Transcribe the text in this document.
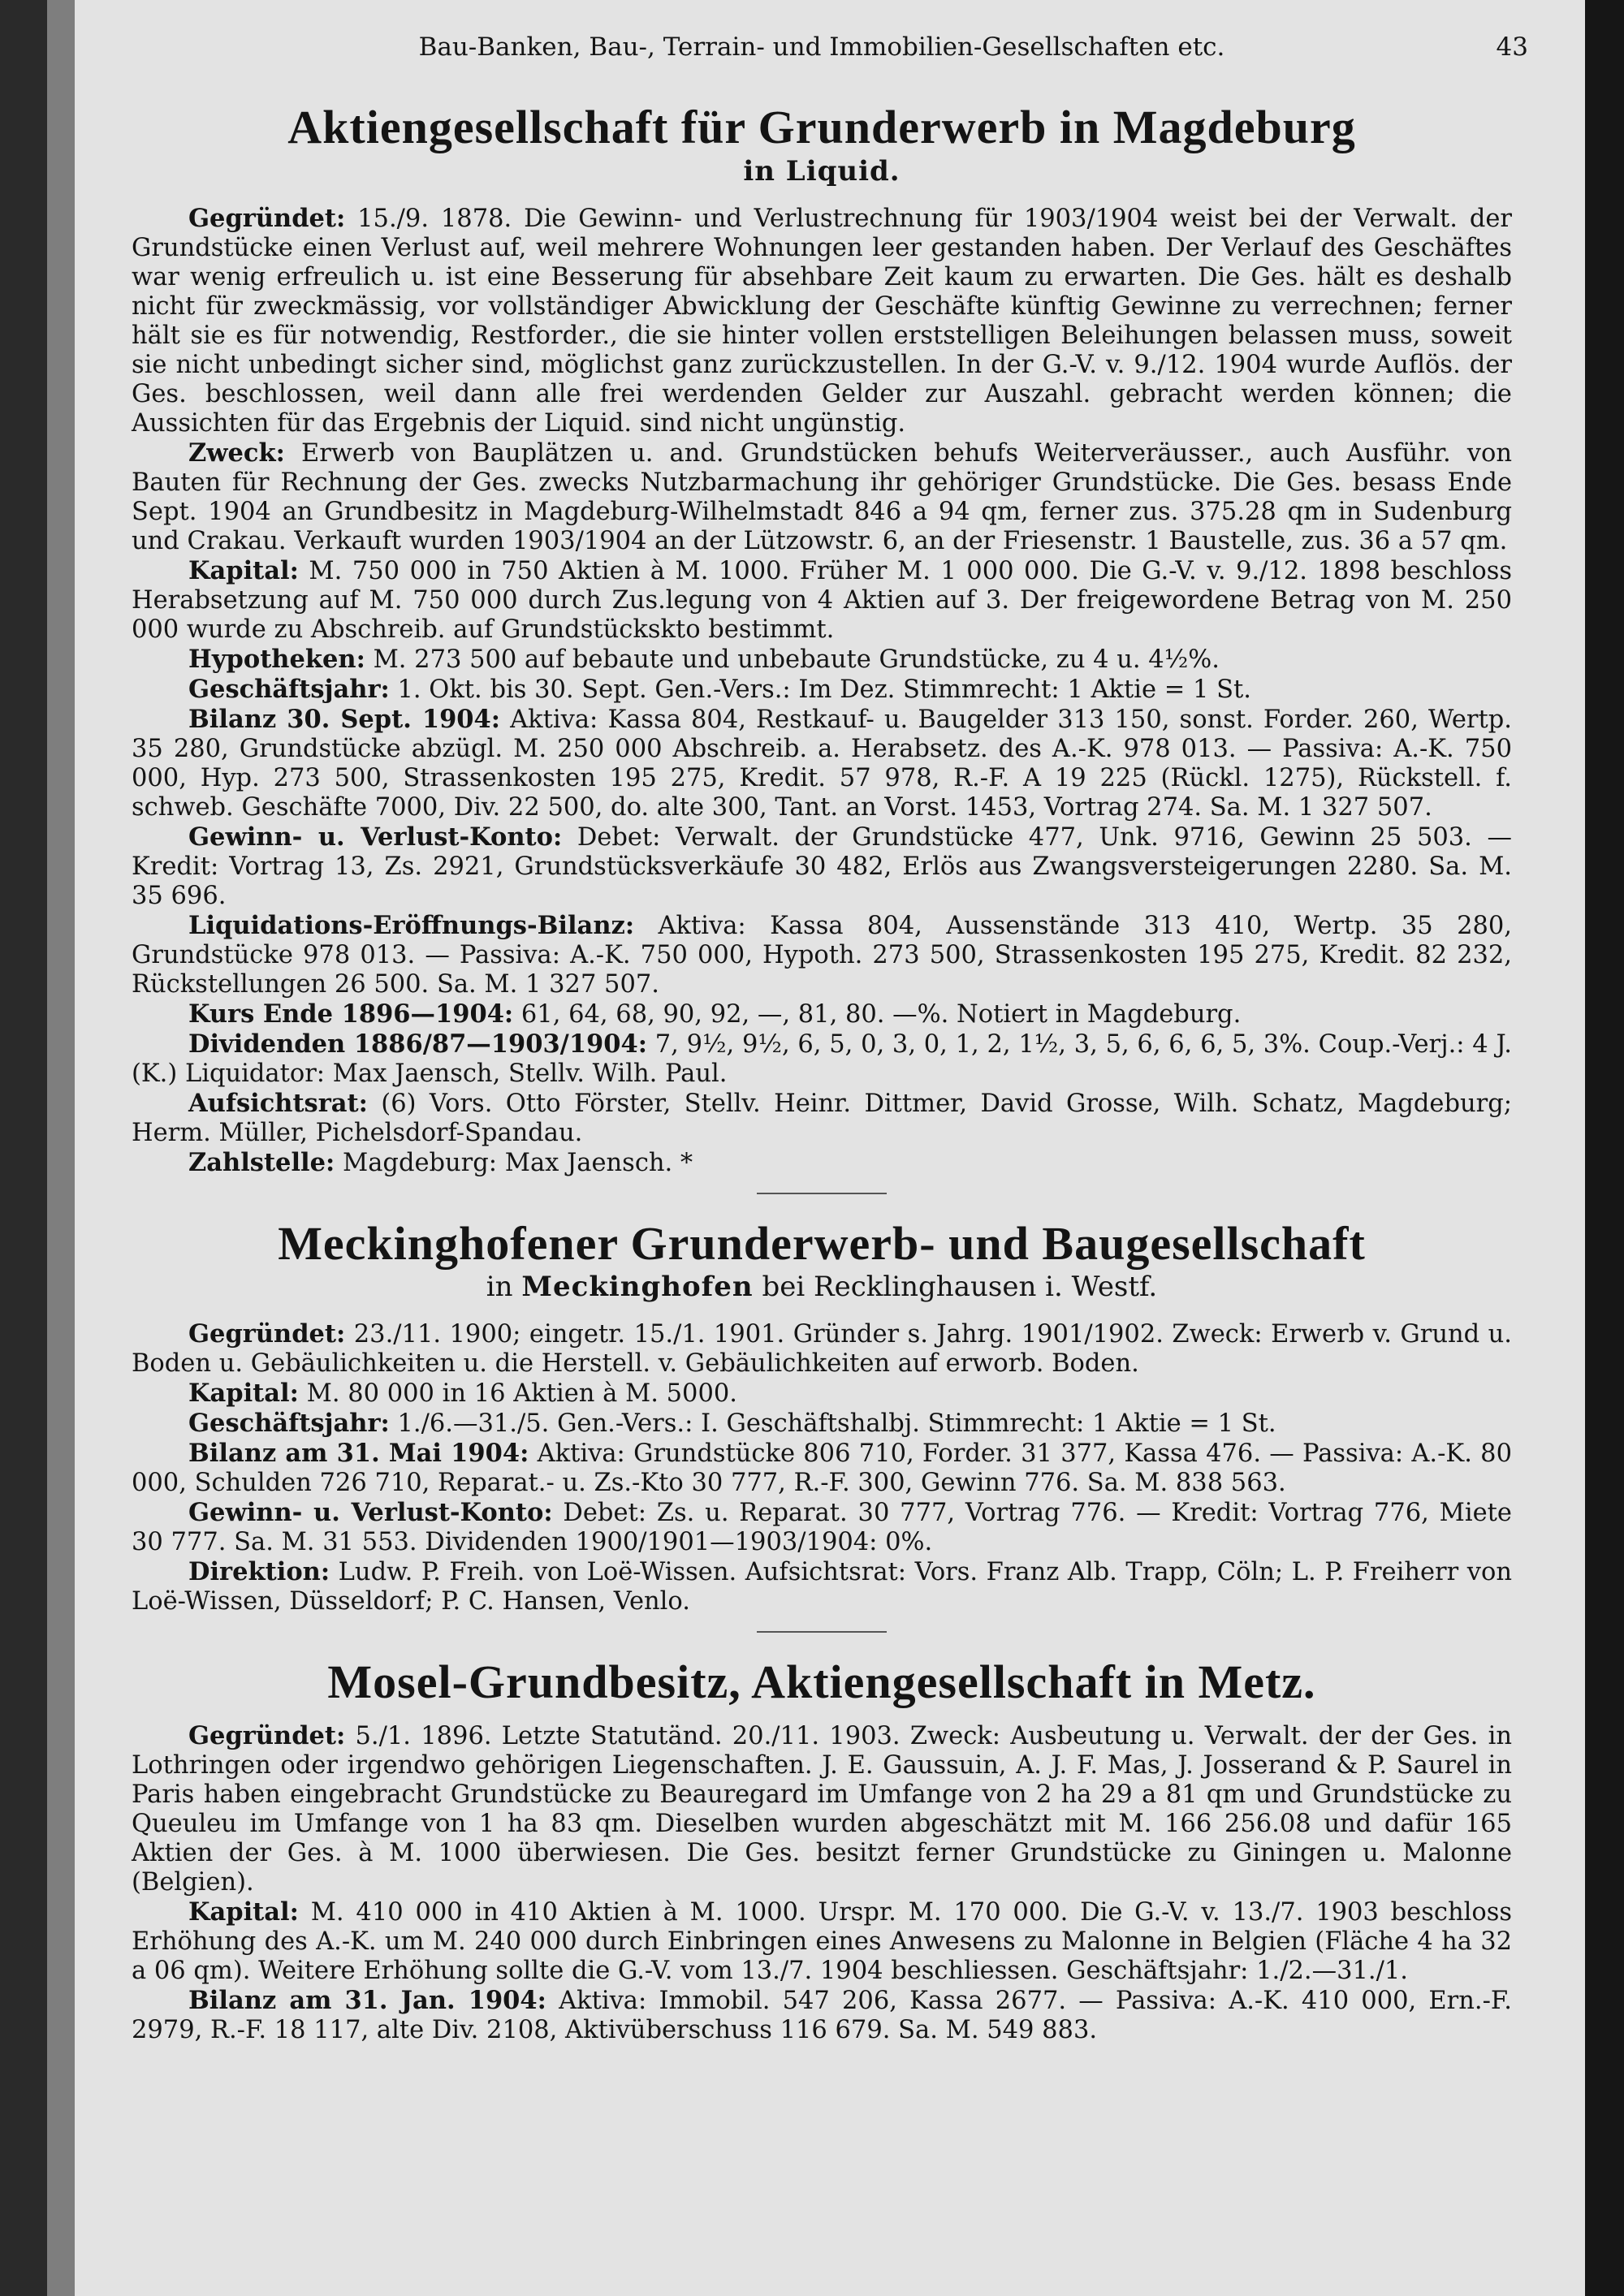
Bau-Banken, Bau-, Terrain- und Immobilien-Gesellschaften etc.	43
Aktiengesellschaft für Grunderwerb in Magdeburg
in Liquid.

Gegründet: 15./9. 1878. Die Gewinn- und Verlustrechnung für 1903/1904 weist bei der Verwalt. der Grundstücke einen Verlust auf, weil mehrere Wohnungen leer gestanden haben. Der Verlauf des Geschäftes war wenig erfreulich u. ist eine Besserung für absehbare Zeit kaum zu erwarten. Die Ges. hält es deshalb nicht für zweckmässig, vor vollständiger Abwicklung der Geschäfte künftig Gewinne zu verrechnen; ferner hält sie es für notwendig, Restforder., die sie hinter vollen erststelligen Beleihungen belassen muss, soweit sie nicht unbedingt sicher sind, möglichst ganz zurückzustellen. In der G.-V. v. 9./12. 1904 wurde Auflös. der Ges. beschlossen, weil dann alle frei werdenden Gelder zur Auszahl. gebracht werden können; die Aussichten für das Ergebnis der Liquid. sind nicht ungünstig.

Zweck: Erwerb von Bauplätzen u. and. Grundstücken behufs Weiterveräusser., auch Ausführ. von Bauten für Rechnung der Ges. zwecks Nutzbarmachung ihr gehöriger Grundstücke. Die Ges. besass Ende Sept. 1904 an Grundbesitz in Magdeburg-Wilhelmstadt 846 a 94 qm, ferner zus. 375.28 qm in Sudenburg und Crakau. Verkauft wurden 1903/1904 an der Lützowstr. 6, an der Friesenstr. 1 Baustelle, zus. 36 a 57 qm.

Kapital: M. 750 000 in 750 Aktien à M. 1000. Früher M. 1 000 000. Die G.-V. v. 9./12. 1898 beschloss Herabsetzung auf M. 750 000 durch Zus.legung von 4 Aktien auf 3. Der freigewordene Betrag von M. 250 000 wurde zu Abschreib. auf Grundstückskto bestimmt.

Hypotheken: M. 273 500 auf bebaute und unbebaute Grundstücke, zu 4 u. 4½%.

Geschäftsjahr: 1. Okt. bis 30. Sept. Gen.-Vers.: Im Dez. Stimmrecht: 1 Aktie = 1 St.

Bilanz 30. Sept. 1904: Aktiva: Kassa 804, Restkauf- u. Baugelder 313 150, sonst. Forder. 260, Wertp. 35 280, Grundstücke abzügl. M. 250 000 Abschreib. a. Herabsetz. des A.-K. 978 013. — Passiva: A.-K. 750 000, Hyp. 273 500, Strassenkosten 195 275, Kredit. 57 978, R.-F. A 19 225 (Rückl. 1275), Rückstell. f. schweb. Geschäfte 7000, Div. 22 500, do. alte 300, Tant. an Vorst. 1453, Vortrag 274. Sa. M. 1 327 507.

Gewinn- u. Verlust-Konto: Debet: Verwalt. der Grundstücke 477, Unk. 9716, Gewinn 25 503. — Kredit: Vortrag 13, Zs. 2921, Grundstücksverkäufe 30 482, Erlös aus Zwangsversteigerungen 2280. Sa. M. 35 696.

Liquidations-Eröffnungs-Bilanz: Aktiva: Kassa 804, Aussenstände 313 410, Wertp. 35 280, Grundstücke 978 013. — Passiva: A.-K. 750 000, Hypoth. 273 500, Strassenkosten 195 275, Kredit. 82 232, Rückstellungen 26 500. Sa. M. 1 327 507.

Kurs Ende 1896—1904: 61, 64, 68, 90, 92, —, 81, 80. —%. Notiert in Magdeburg.

Dividenden 1886/87—1903/1904: 7, 9½, 9½, 6, 5, 0, 3, 0, 1, 2, 1½, 3, 5, 6, 6, 6, 5, 3%. Coup.-Verj.: 4 J. (K.) Liquidator: Max Jaensch, Stellv. Wilh. Paul.

Aufsichtsrat: (6) Vors. Otto Förster, Stellv. Heinr. Dittmer, David Grosse, Wilh. Schatz, Magdeburg; Herm. Müller, Pichelsdorf-Spandau.

Zahlstelle: Magdeburg: Max Jaensch. *

Meckinghofener Grunderwerb- und Baugesellschaft
in Meckinghofen bei Recklinghausen i. Westf.

Gegründet: 23./11. 1900; eingetr. 15./1. 1901. Gründer s. Jahrg. 1901/1902. Zweck: Erwerb v. Grund u. Boden u. Gebäulichkeiten u. die Herstell. v. Gebäulichkeiten auf erworb. Boden.

Kapital: M. 80 000 in 16 Aktien à M. 5000.

Geschäftsjahr: 1./6.—31./5. Gen.-Vers.: I. Geschäftshalbj. Stimmrecht: 1 Aktie = 1 St.

Bilanz am 31. Mai 1904: Aktiva: Grundstücke 806 710, Forder. 31 377, Kassa 476. — Passiva: A.-K. 80 000, Schulden 726 710, Reparat.- u. Zs.-Kto 30 777, R.-F. 300, Gewinn 776. Sa. M. 838 563.

Gewinn- u. Verlust-Konto: Debet: Zs. u. Reparat. 30 777, Vortrag 776. — Kredit: Vortrag 776, Miete 30 777. Sa. M. 31 553. Dividenden 1900/1901—1903/1904: 0%.

Direktion: Ludw. P. Freih. von Loë-Wissen. Aufsichtsrat: Vors. Franz Alb. Trapp, Cöln; L. P. Freiherr von Loë-Wissen, Düsseldorf; P. C. Hansen, Venlo.

Mosel-Grundbesitz, Aktiengesellschaft in Metz.

Gegründet: 5./1. 1896. Letzte Statutänd. 20./11. 1903. Zweck: Ausbeutung u. Verwalt. der der Ges. in Lothringen oder irgendwo gehörigen Liegenschaften. J. E. Gaussuin, A. J. F. Mas, J. Josserand & P. Saurel in Paris haben eingebracht Grundstücke zu Beauregard im Umfange von 2 ha 29 a 81 qm und Grundstücke zu Queuleu im Umfange von 1 ha 83 qm. Dieselben wurden abgeschätzt mit M. 166 256.08 und dafür 165 Aktien der Ges. à M. 1000 überwiesen. Die Ges. besitzt ferner Grundstücke zu Giningen u. Malonne (Belgien).

Kapital: M. 410 000 in 410 Aktien à M. 1000. Urspr. M. 170 000. Die G.-V. v. 13./7. 1903 beschloss Erhöhung des A.-K. um M. 240 000 durch Einbringen eines Anwesens zu Malonne in Belgien (Fläche 4 ha 32 a 06 qm). Weitere Erhöhung sollte die G.-V. vom 13./7. 1904 beschliessen. Geschäftsjahr: 1./2.—31./1.

Bilanz am 31. Jan. 1904: Aktiva: Immobil. 547 206, Kassa 2677. — Passiva: A.-K. 410 000, Ern.-F. 2979, R.-F. 18 117, alte Div. 2108, Aktivüberschuss 116 679. Sa. M. 549 883.
